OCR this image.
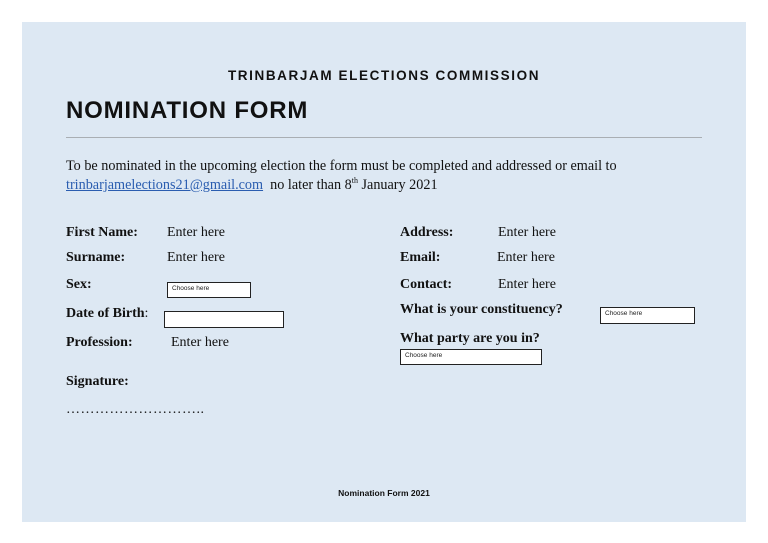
TRINBARJAM ELECTIONS COMMISSION
NOMINATION FORM
To be nominated in the upcoming election the form must be completed and addressed or email to
trinbarjamelections21@gmail.com no later than 8th January 2021
First Name: Enter here
Surname:	Enter here
Sex:	Choose here
Date of Birth:
Profession:	Enter here
Address:	Enter here
Email:	Enter here
Contact:	Enter here
What is your constituency?	Choose here
What party are you in?
Choose here
Signature:
………………………..
Nomination Form 2021
